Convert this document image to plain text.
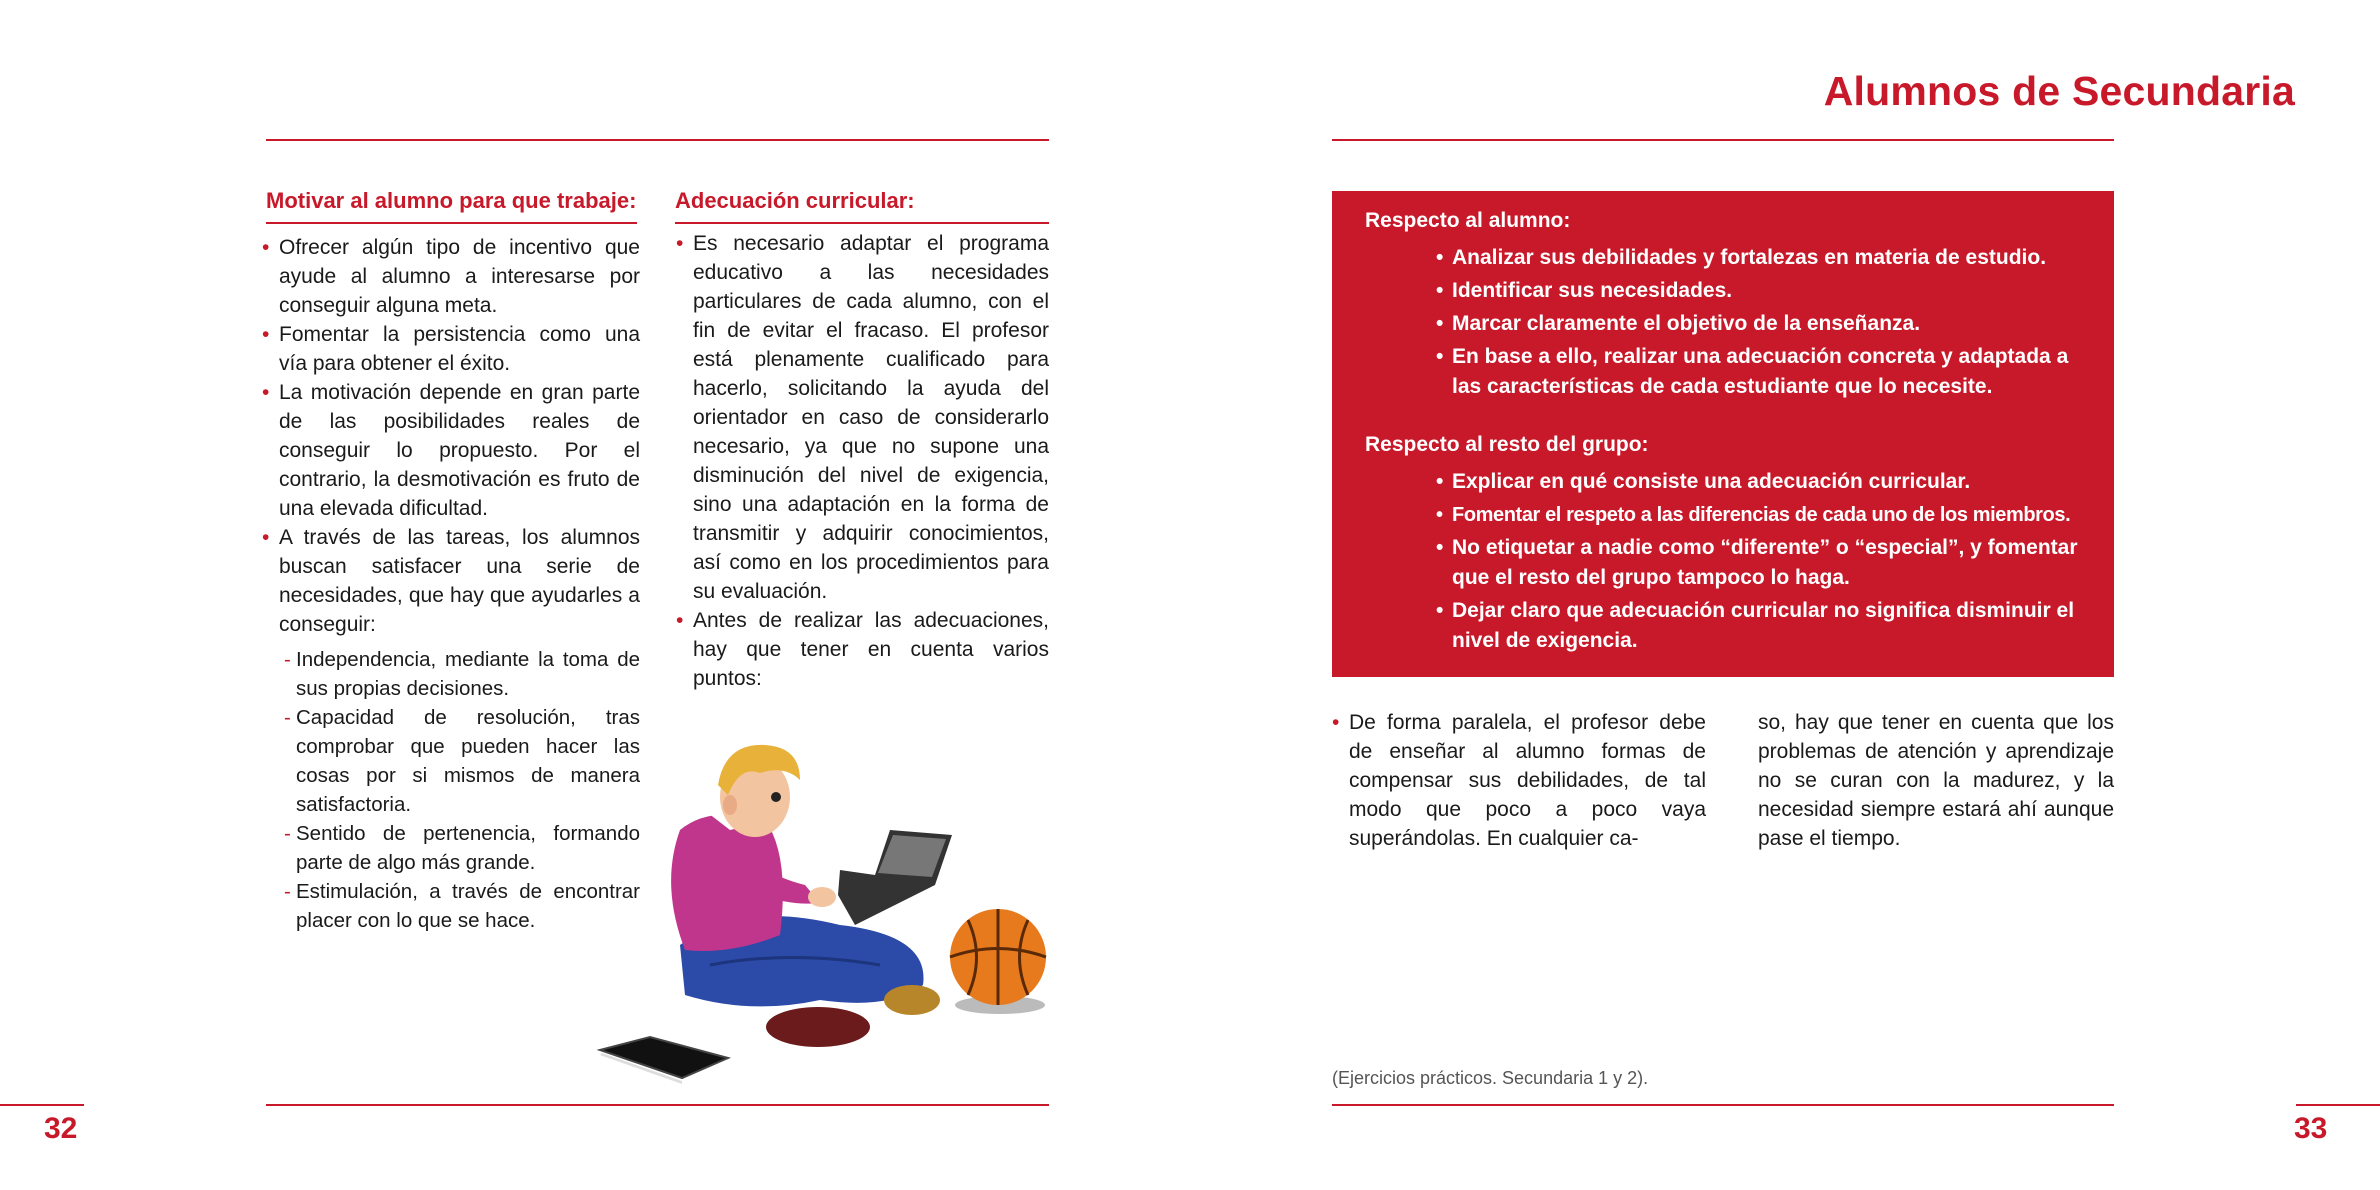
Alumnos de Secundaria
Motivar al alumno para que trabaje:
• Ofrecer algún tipo de incentivo que ayude al alumno a interesarse por conseguir alguna meta.
• Fomentar la persistencia como una vía para obtener el éxito.
• La motivación depende en gran parte de las posibilidades reales de conseguir lo propuesto. Por el contrario, la desmotivación es fruto de una elevada dificultad.
• A través de las tareas, los alumnos buscan satisfacer una serie de necesidades, que hay que ayudarles a conseguir:
- Independencia, mediante la toma de sus propias decisiones.
- Capacidad de resolución, tras comprobar que pueden hacer las cosas por si mismos de manera satisfactoria.
- Sentido de pertenencia, formando parte de algo más grande.
- Estimulación, a través de encontrar placer con lo que se hace.
Adecuación curricular:
• Es necesario adaptar el programa educativo a las necesidades particulares de cada alumno, con el fin de evitar el fracaso. El profesor está plenamente cualificado para hacerlo, solicitando la ayuda del orientador en caso de considerarlo necesario, ya que no supone una disminución del nivel de exigencia, sino una adaptación en la forma de transmitir y adquirir conocimientos, así como en los procedimientos para su evaluación.
• Antes de realizar las adecuaciones, hay que tener en cuenta varios puntos:
32
Respecto al alumno:
• Analizar sus debilidades y fortalezas en materia de estudio.
• Identificar sus necesidades.
• Marcar claramente el objetivo de la enseñanza.
• En base a ello, realizar una adecuación concreta y adaptada a las características de cada estudiante que lo necesite.
Respecto al resto del grupo:
• Explicar en qué consiste una adecuación curricular.
• Fomentar el respeto a las diferencias de cada uno de los miembros.
• No etiquetar a nadie como “diferente” o “especial”, y fomentar que el resto del grupo tampoco lo haga.
• Dejar claro que adecuación curricular no significa disminuir el nivel de exigencia.
• De forma paralela, el profesor debe de enseñar al alumno formas de compensar sus debilidades, de tal modo que poco a poco vaya superándolas. En cualquier ca-
so, hay que tener en cuenta que los problemas de atención y aprendizaje no se curan con la madurez, y la necesidad siempre estará ahí aunque pase el tiempo.
(Ejercicios prácticos. Secundaria 1 y 2).
33
